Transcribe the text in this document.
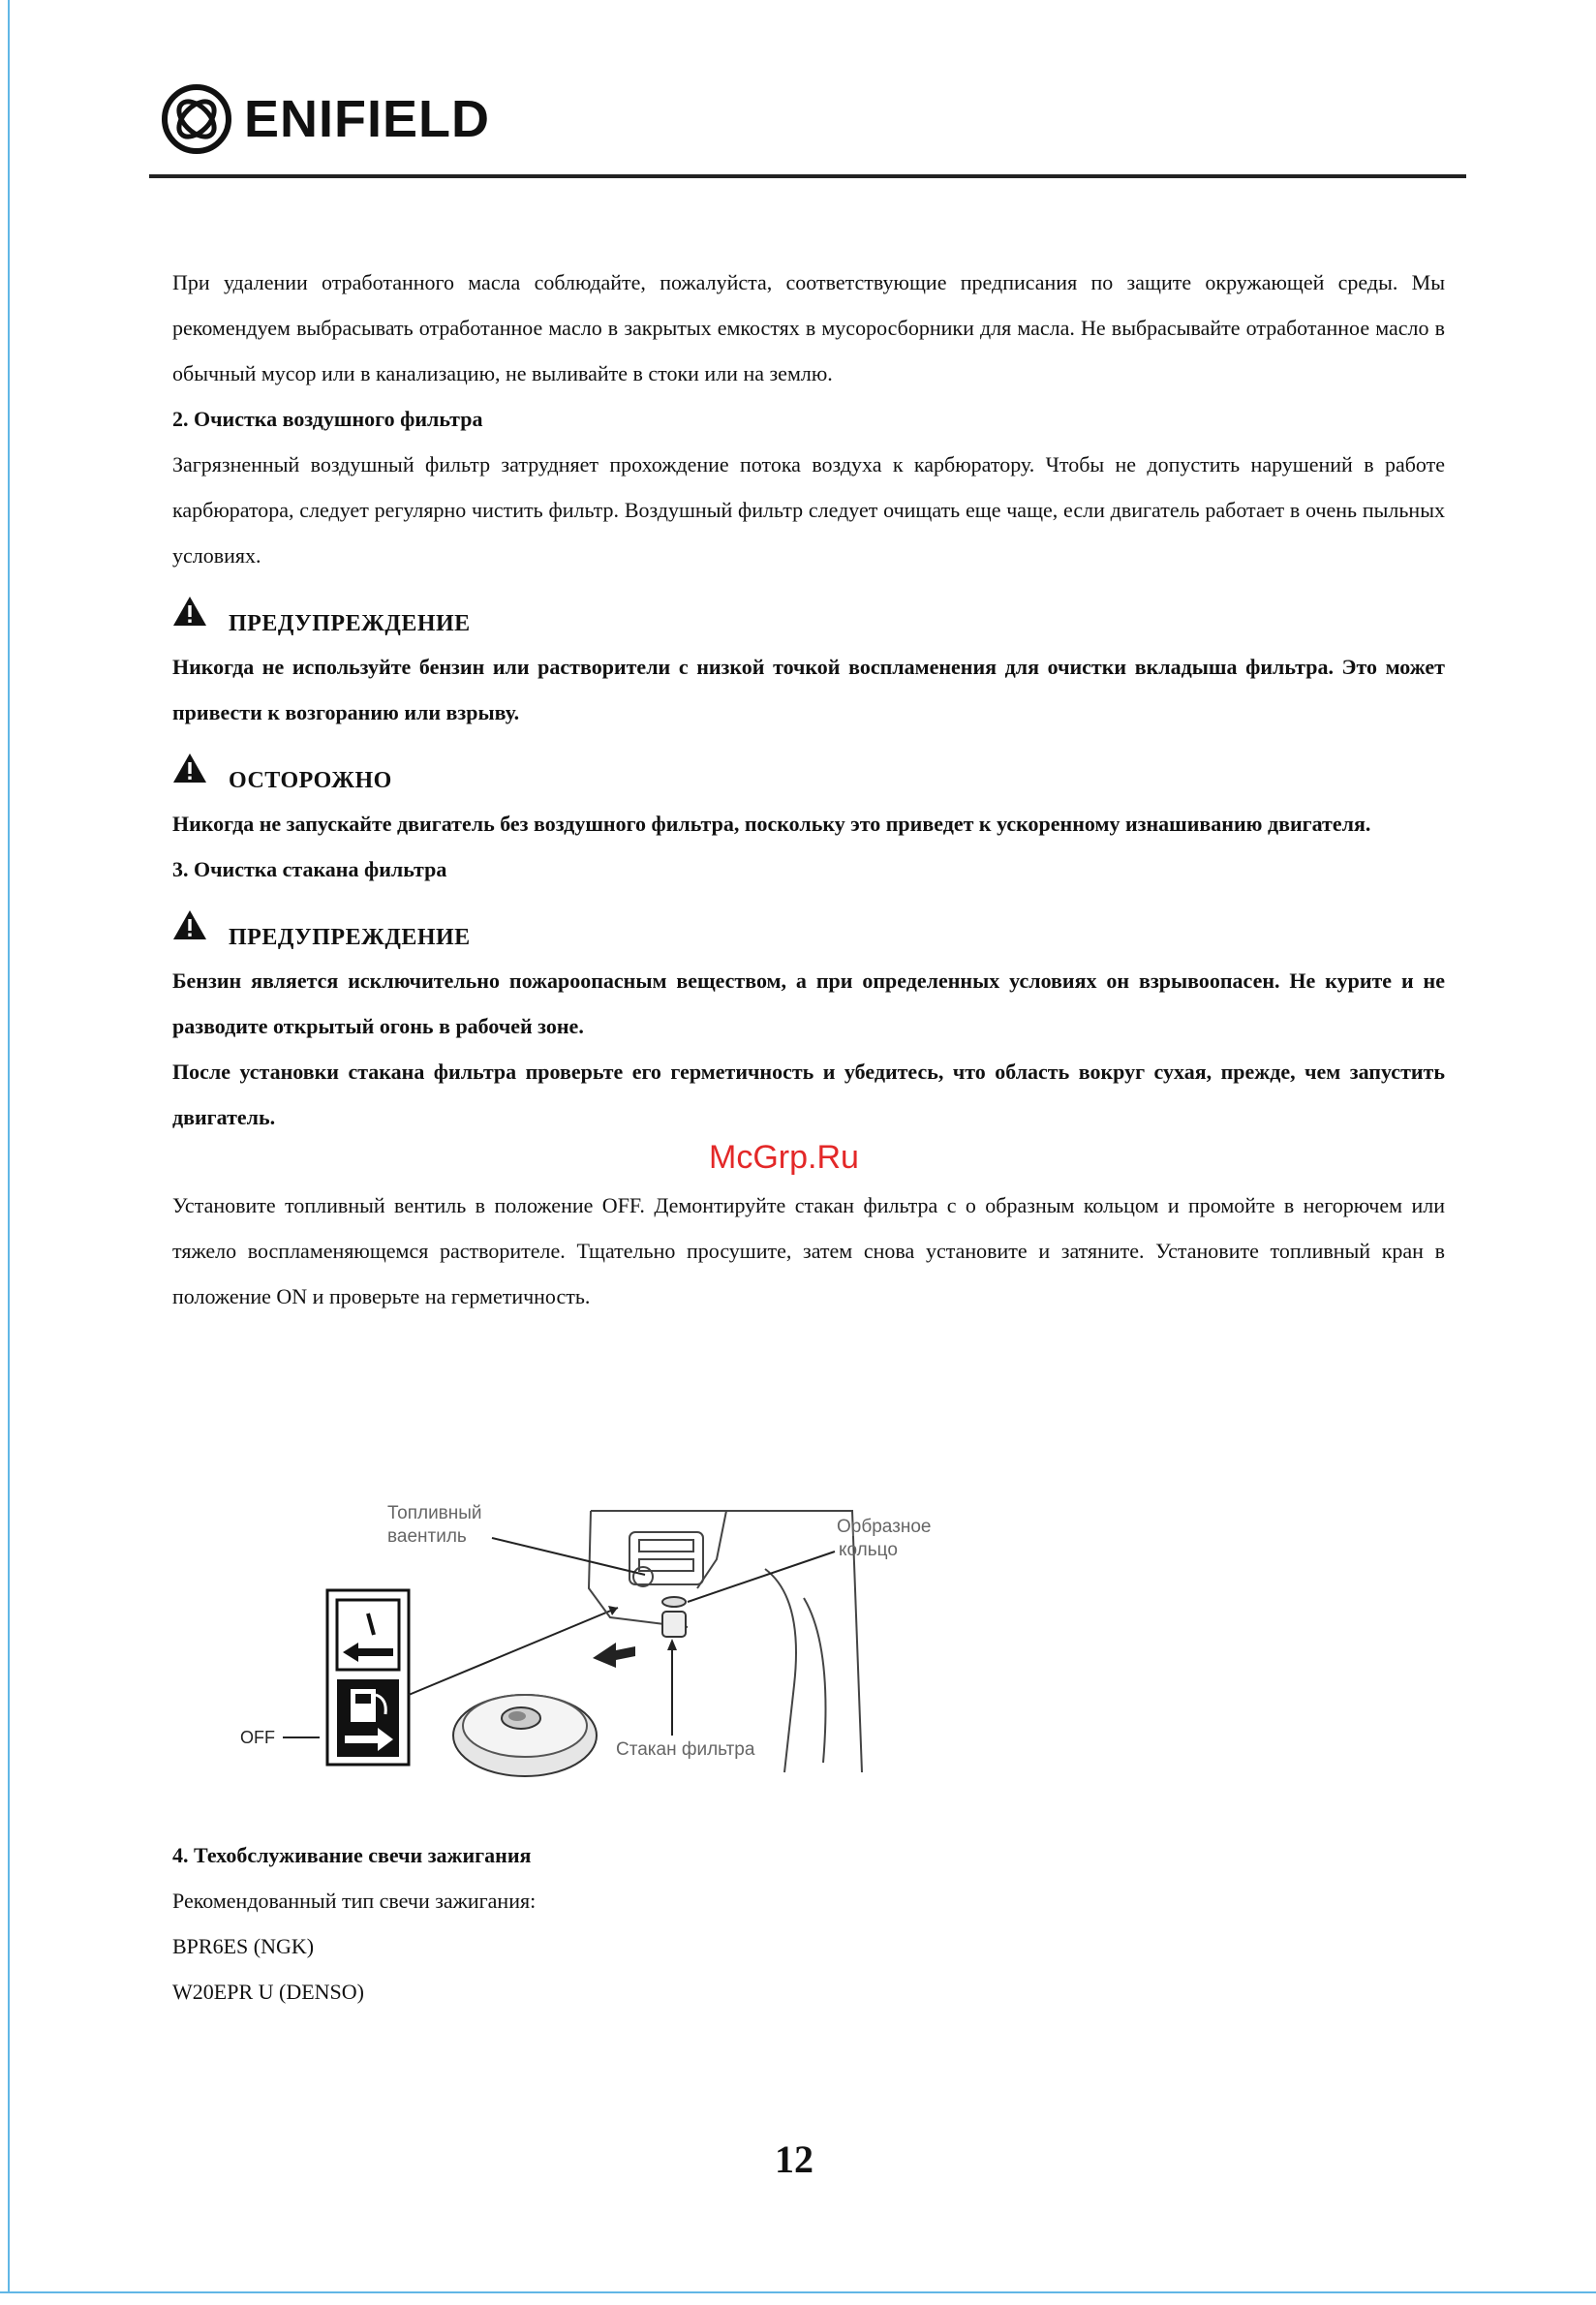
ENIFIELD

При удалении отработанного масла соблюдайте, пожалуйста, соответствующие предписания по защите окружающей среды. Мы рекомендуем выбрасывать отработанное масло в закрытых емкостях в мусоросборники для масла. Не выбрасывайте отработанное масло в обычный мусор или в канализацию, не выливайте в стоки или на землю.

2. Очистка воздушного фильтра

Загрязненный воздушный фильтр затрудняет прохождение потока воздуха к карбюратору. Чтобы не допустить нарушений в работе карбюратора, следует регулярно чистить фильтр. Воздушный фильтр следует очищать еще чаще, если двигатель работает в очень пыльных условиях.

ПРЕДУПРЕЖДЕНИЕ

Никогда не используйте бензин или растворители с низкой точкой воспламенения для очистки вкладыша фильтра. Это может привести к возгоранию или взрыву.

ОСТОРОЖНО

Никогда не запускайте двигатель без воздушного фильтра, поскольку это приведет к ускоренному изнашиванию двигателя.

3. Очистка стакана фильтра

ПРЕДУПРЕЖДЕНИЕ

Бензин является исключительно пожароопасным веществом, а при определенных условиях он взрывоопасен. Не курите и не разводите открытый огонь в рабочей зоне.

После установки стакана фильтра проверьте его герметичность и убедитесь, что область вокруг сухая, прежде, чем запустить двигатель.

Установите топливный вентиль в положение OFF. Демонтируйте стакан фильтра с о образным кольцом и промойте в негорючем или тяжело воспламеняющемся растворителе. Тщательно просушите, затем снова установите и затяните. Установите топливный кран в положение ON и проверьте на герметичность.

McGrp.Ru
OFF
Топливный
ваентиль	Орбразное
кольцо
Стакан фильтра

4. Техобслуживание свечи зажигания

Рекомендованный тип свечи зажигания:

BPR6ES (NGK)

W20EPR U (DENSO)

12
